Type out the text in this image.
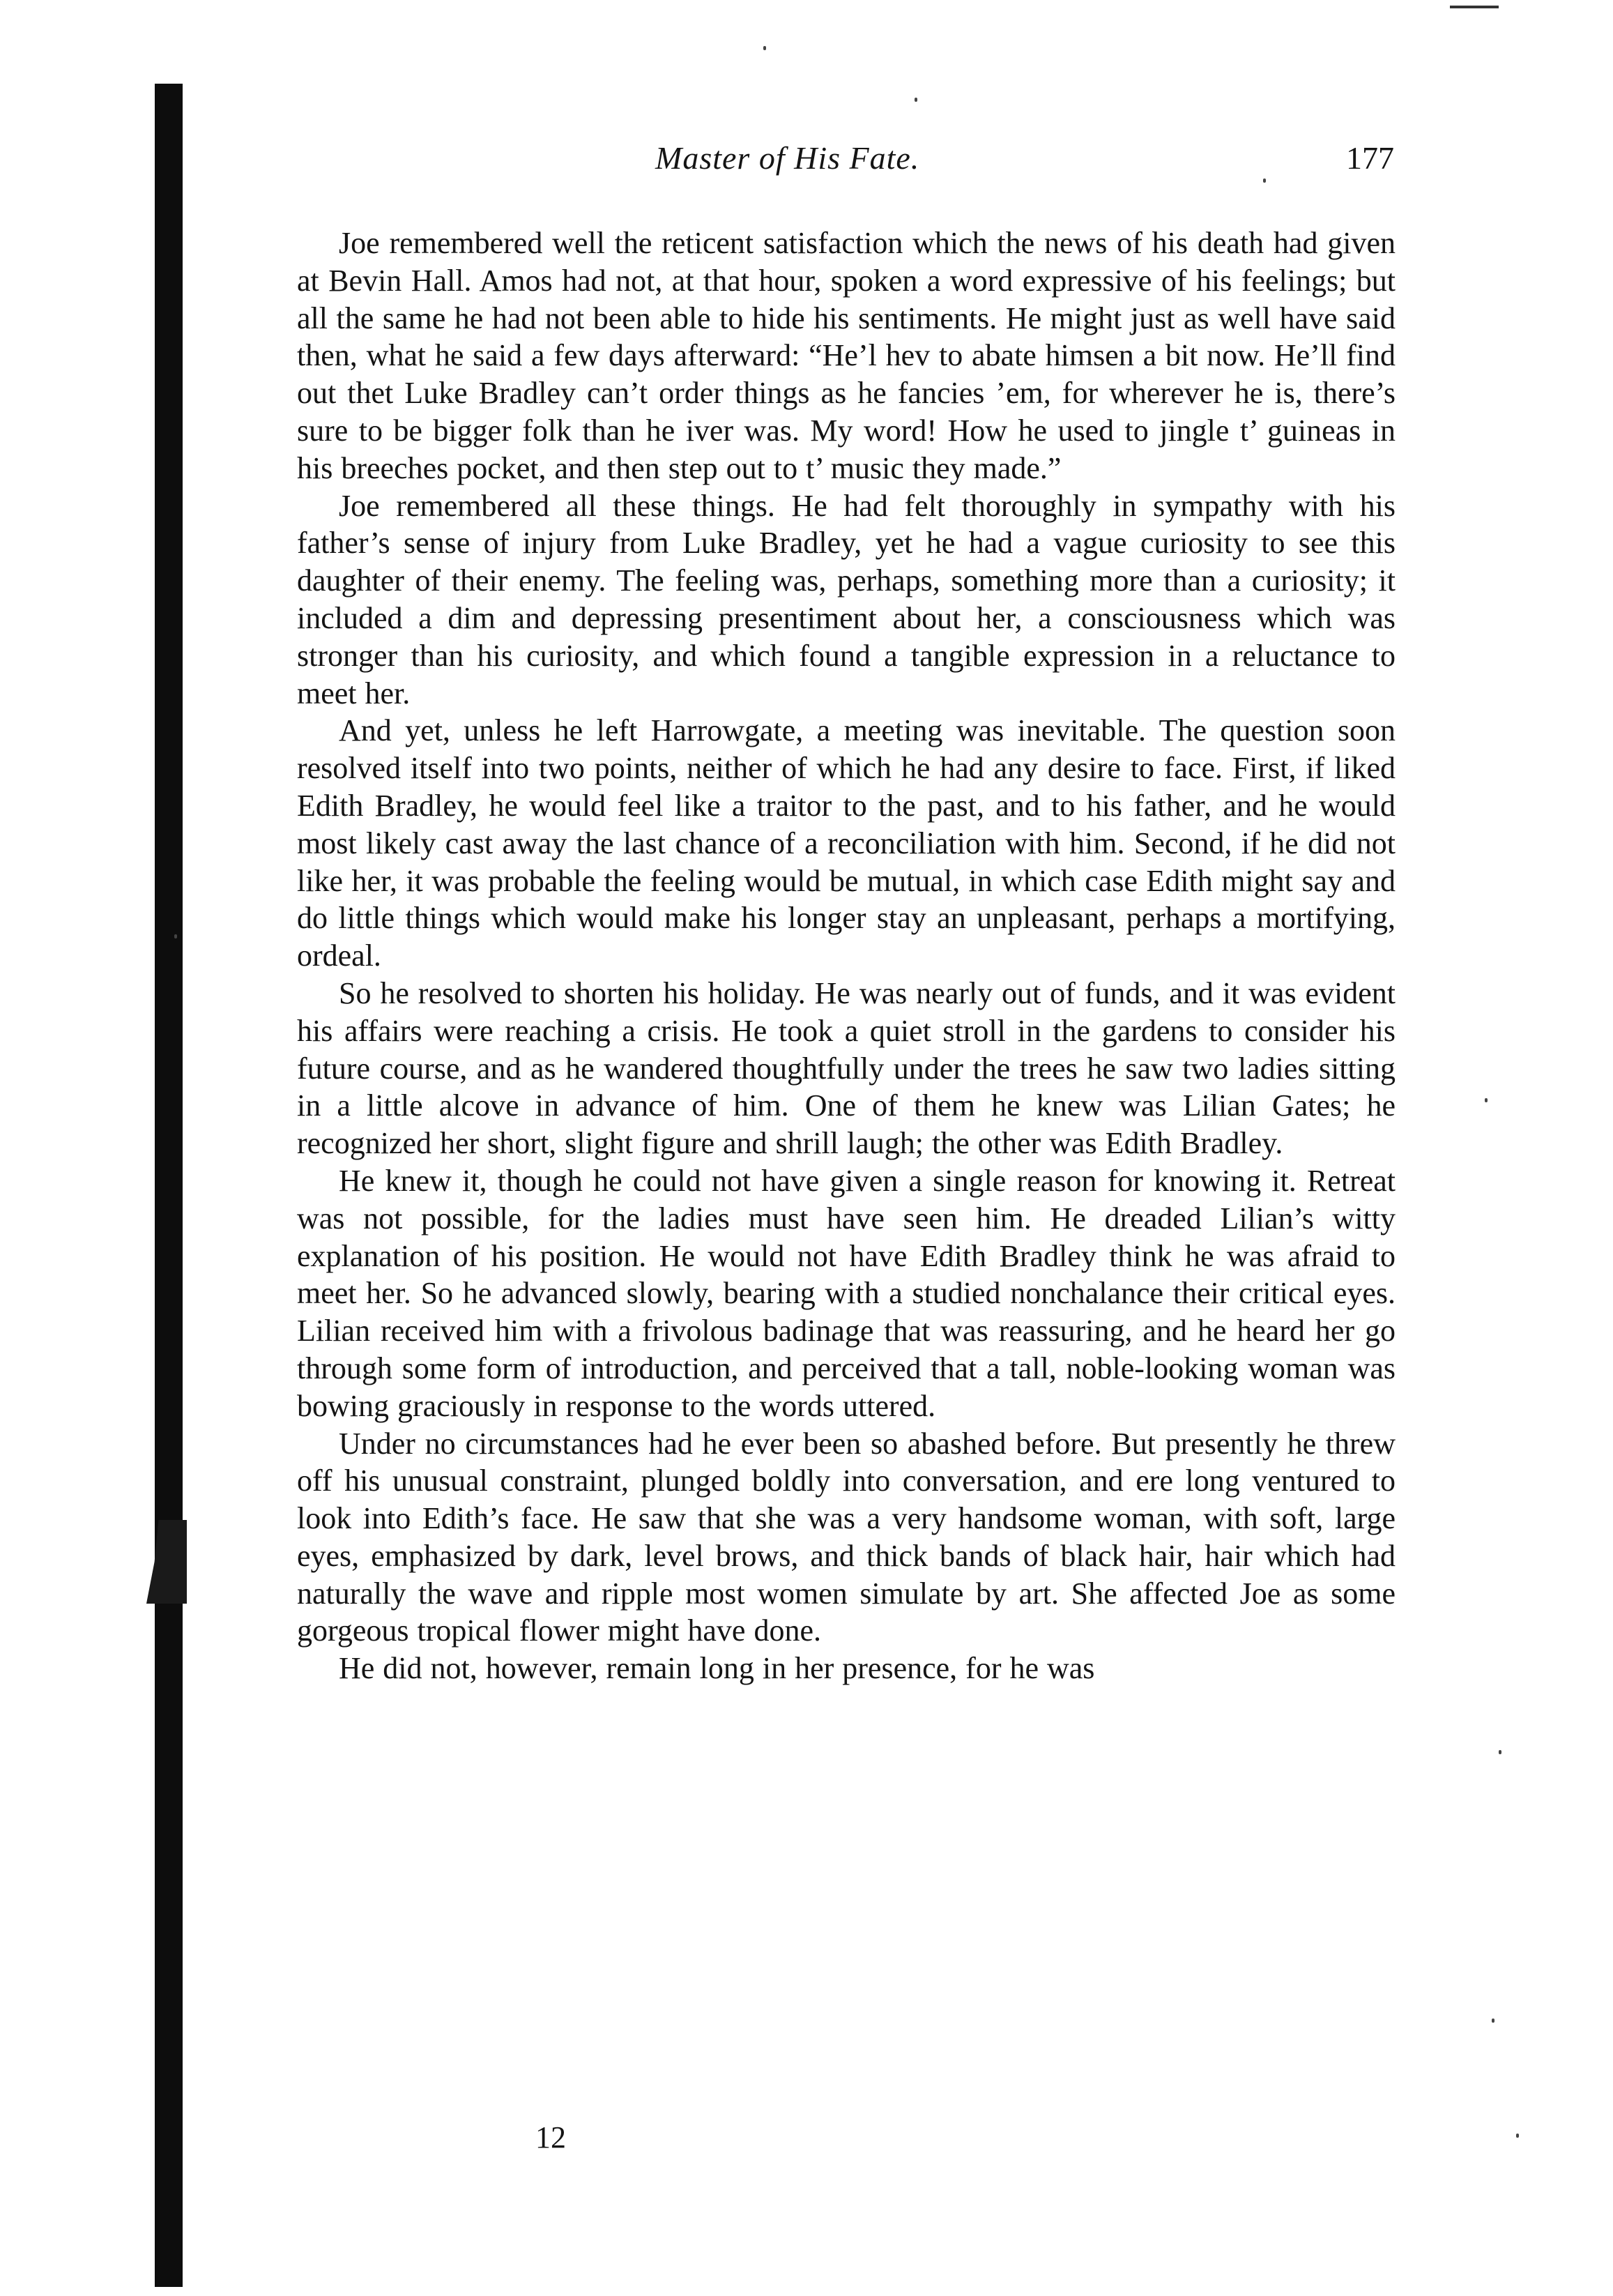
Master of His Fate.	177

Joe remembered well the reticent satisfaction which the news of his death had given at Bevin Hall. Amos had not, at that hour, spoken a word expressive of his feelings; but all the same he had not been able to hide his sentiments. He might just as well have said then, what he said a few days afterward: “He’l hev to abate himsen a bit now. He’ll find out thet Luke Bradley can’t order things as he fancies ’em, for wherever he is, there’s sure to be bigger folk than he iver was. My word! How he used to jingle t’ guineas in his breeches pocket, and then step out to t’ music they made.”

Joe remembered all these things. He had felt thoroughly in sympathy with his father’s sense of injury from Luke Bradley, yet he had a vague curiosity to see this daughter of their enemy. The feeling was, perhaps, something more than a curiosity; it included a dim and depressing presentiment about her, a consciousness which was stronger than his curiosity, and which found a tangible expression in a reluctance to meet her.

And yet, unless he left Harrowgate, a meeting was inevitable. The question soon resolved itself into two points, neither of which he had any desire to face. First, if liked Edith Bradley, he would feel like a traitor to the past, and to his father, and he would most likely cast away the last chance of a reconciliation with him. Second, if he did not like her, it was probable the feeling would be mutual, in which case Edith might say and do little things which would make his longer stay an unpleasant, perhaps a mortifying, ordeal.

So he resolved to shorten his holiday. He was nearly out of funds, and it was evident his affairs were reaching a crisis. He took a quiet stroll in the gardens to consider his future course, and as he wandered thoughtfully under the trees he saw two ladies sitting in a little alcove in advance of him. One of them he knew was Lilian Gates; he recognized her short, slight figure and shrill laugh; the other was Edith Bradley.

He knew it, though he could not have given a single reason for knowing it. Retreat was not possible, for the ladies must have seen him. He dreaded Lilian’s witty explanation of his position. He would not have Edith Bradley think he was afraid to meet her. So he advanced slowly, bearing with a studied nonchalance their critical eyes. Lilian received him with a frivolous badinage that was reassuring, and he heard her go through some form of introduction, and perceived that a tall, noble-looking woman was bowing graciously in response to the words uttered.

Under no circumstances had he ever been so abashed before. But presently he threw off his unusual constraint, plunged boldly into conversation, and ere long ventured to look into Edith’s face. He saw that she was a very handsome woman, with soft, large eyes, emphasized by dark, level brows, and thick bands of black hair, hair which had naturally the wave and ripple most women simulate by art. She affected Joe as some gorgeous tropical flower might have done.

He did not, however, remain long in her presence, for he was

12
